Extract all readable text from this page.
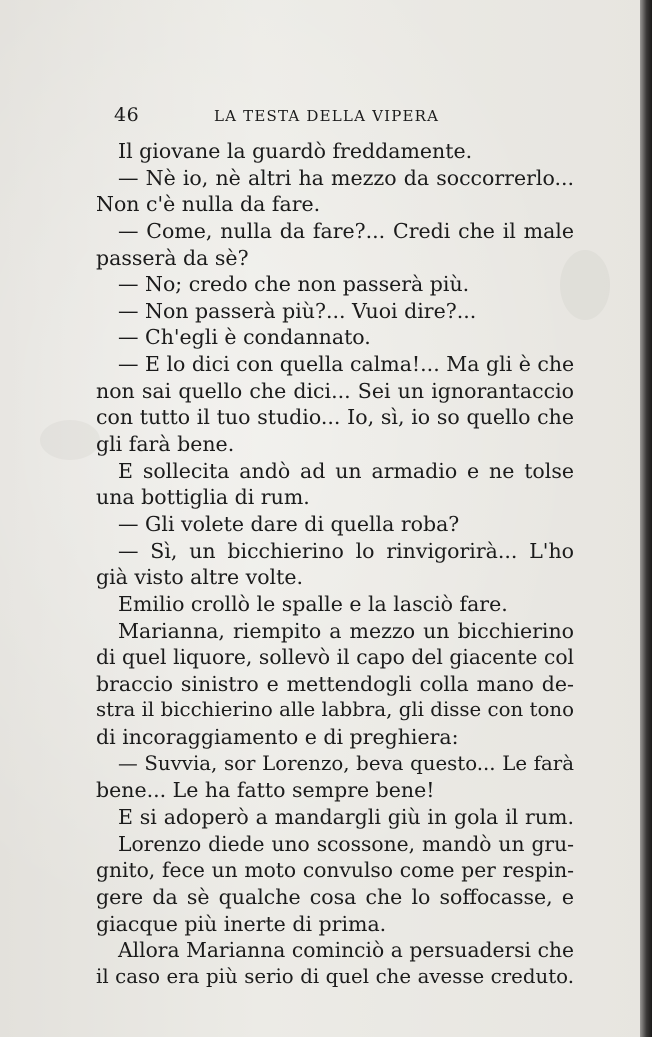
46	LA TESTA DELLA VIPERA
Il giovane la guardò freddamente.
— Nè io, nè altri ha mezzo da soccorrerlo...
Non c'è nulla da fare.
— Come, nulla da fare?... Credi che il male
passerà da sè?
— No; credo che non passerà più.
— Non passerà più?... Vuoi dire?...
— Ch'egli è condannato.
— E lo dici con quella calma!... Ma gli è che
non sai quello che dici... Sei un ignorantaccio
con tutto il tuo studio... Io, sì, io so quello che
gli farà bene.
E sollecita andò ad un armadio e ne tolse
una bottiglia di rum.
— Gli volete dare di quella roba?
— Sì, un bicchierino lo rinvigorirà... L'ho
già visto altre volte.
Emilio crollò le spalle e la lasciò fare.
Marianna, riempito a mezzo un bicchierino
di quel liquore, sollevò il capo del giacente col
braccio sinistro e mettendogli colla mano de-
stra il bicchierino alle labbra, gli disse con tono
di incoraggiamento e di preghiera:
— Suvvia, sor Lorenzo, beva questo... Le farà
bene... Le ha fatto sempre bene!
E si adoperò a mandargli giù in gola il rum.
Lorenzo diede uno scossone, mandò un gru-
gnito, fece un moto convulso come per respin-
gere da sè qualche cosa che lo soffocasse, e
giacque più inerte di prima.
Allora Marianna cominciò a persuadersi che
il caso era più serio di quel che avesse creduto.
